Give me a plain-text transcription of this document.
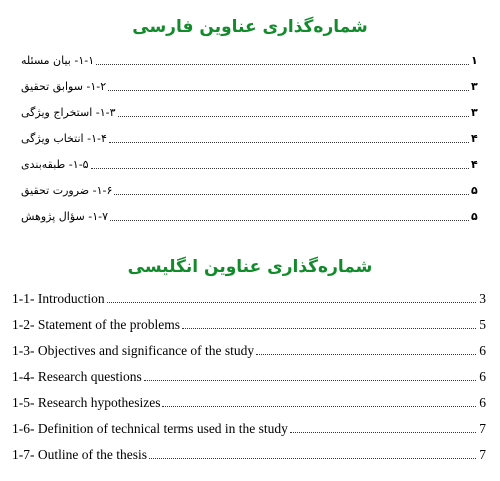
شماره‌گذاری عناوین فارسی
۱-۱- بیان مسئله	۱
۱-۲- سوابق تحقیق	۳
۱-۳- استخراج ویژگی	۳
۱-۴- انتخاب ویژگی	۴
۱-۵- طبقه‌بندی	۴
۱-۶- ضرورت تحقیق	۵
۱-۷- سؤال پژوهش	۵
شماره‌گذاری عناوین انگلیسی
1-1- Introduction	3
1-2- Statement of the problems	5
1-3- Objectives and significance of the study	6
1-4- Research questions	6
1-5- Research hypothesizes	6
1-6- Definition of technical terms used in the study	7
1-7- Outline of the thesis	7
